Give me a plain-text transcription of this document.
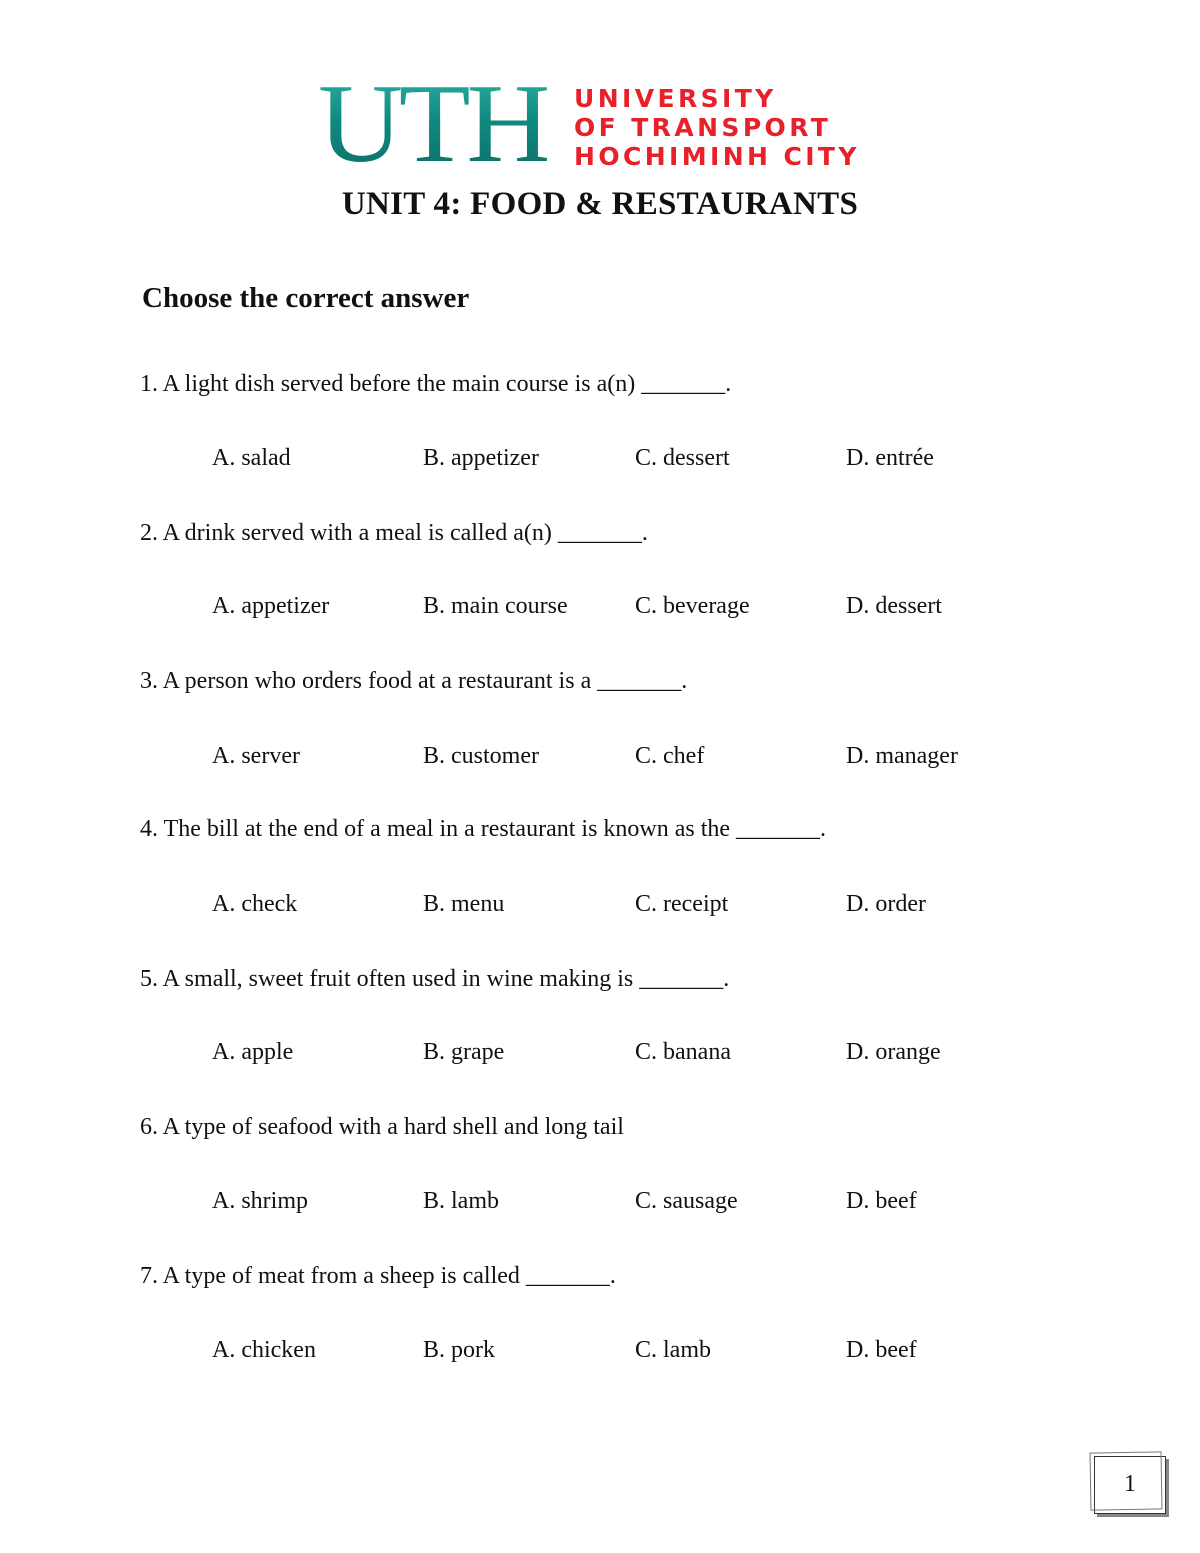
UTH UNIVERSITY
OF TRANSPORT
HOCHIMINH CITY
UNIT 4: FOOD & RESTAURANTS
Choose the correct answer
1. A light dish served before the main course is a(n) _______.
A. salad	B. appetizer	C. dessert	D. entrée
2. A drink served with a meal is called a(n) _______.
A. appetizer	B. main course	C. beverage	D. dessert
3. A person who orders food at a restaurant is a _______.
A. server	B. customer	C. chef	D. manager
4. The bill at the end of a meal in a restaurant is known as the _______.
A. check	B. menu	C. receipt	D. order
5. A small, sweet fruit often used in wine making is _______.
A. apple	B. grape	C. banana	D. orange
6. A type of seafood with a hard shell and long tail
A. shrimp	B. lamb	C. sausage	D. beef
7. A type of meat from a sheep is called _______.
A. chicken	B. pork	C. lamb	D. beef
1
